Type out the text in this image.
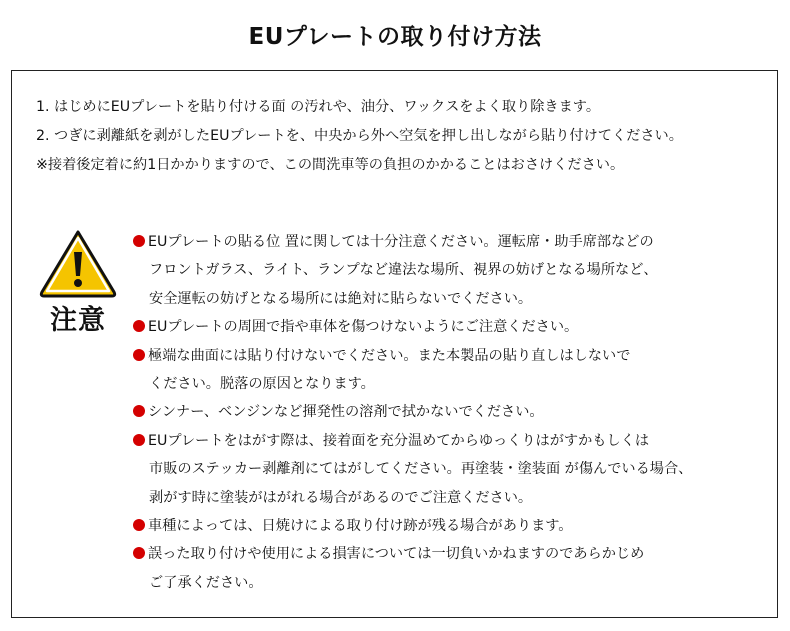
EUプレートの取り付け方法
1. はじめにEUプレートを貼り付ける面 の汚れや、油分、ワックスをよく取り除きます。
2. つぎに剥離紙を剥がしたEUプレートを、中央から外へ空気を押し出しながら貼り付けてください。
※接着後定着に約1日かかりますので、この間洗車等の負担のかかることはおさけください。
注意
EUプレートの貼る位 置に関しては十分注意ください。運転席・助手席部などの
フロントガラス、ライト、ランプなど違法な場所、視界の妨げとなる場所など、
安全運転の妨げとなる場所には絶対に貼らないでください。
EUプレートの周囲で指や車体を傷つけないようにご注意ください。
極端な曲面には貼り付けないでください。また本製品の貼り直しはしないで
ください。脱落の原因となります。
シンナー、ベンジンなど揮発性の溶剤で拭かないでください。
EUプレートをはがす際は、接着面を充分温めてからゆっくりはがすかもしくは
市販のステッカー剥離剤にてはがしてください。再塗装・塗装面 が傷んでいる場合、
剥がす時に塗装がはがれる場合があるのでご注意ください。
車種によっては、日焼けによる取り付け跡が残る場合があります。
誤った取り付けや使用による損害については一切負いかねますのであらかじめ
ご了承ください。
